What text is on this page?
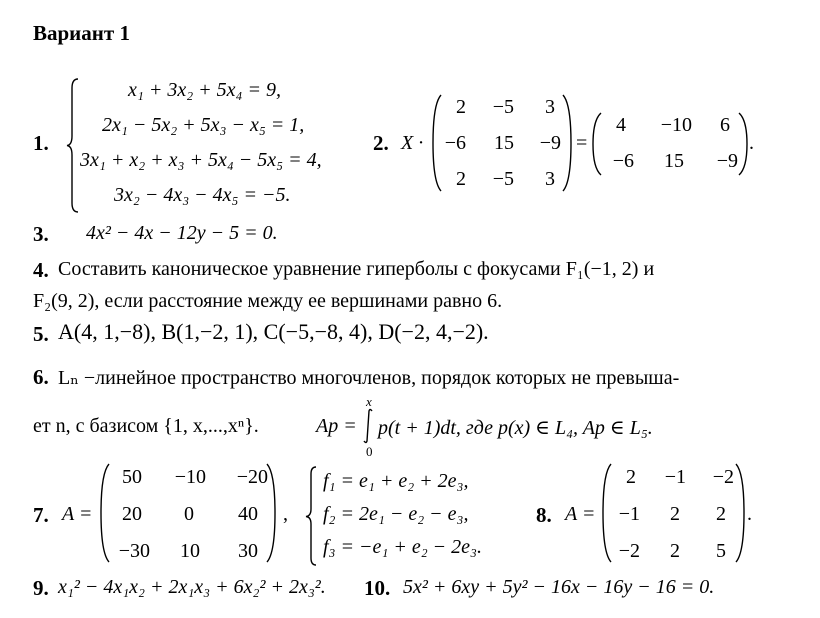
Вариант 1
1.
x₁ + 3x₂ + 5x₄ = 9,
2x₁ − 5x₂ + 5x₃ − x₅ = 1,
3x₁ + x₂ + x₃ + 5x₄ − 5x₅ = 4,
3x₂ − 4x₃ − 4x₅ = −5.
2. X ·
2	−5	3
−6	15	−9
2	−5	3
=
4	−10	6
−6	15	−9
.
3. 4x² − 4x − 12y − 5 = 0.
4. Составить каноническое уравнение гиперболы с фокусами F₁(−1, 2) и
F₂(9, 2), если расстояние между ее вершинами равно 6.
5. A(4, 1,−8), B(1,−2, 1), C(−5,−8, 4), D(−2, 4,−2).
6. Lₙ −линейное пространство многочленов, порядок которых не превыша-
ет n, с базисом {1, x,...,xⁿ}.	Ap =
x
0
p(t + 1)dt, где p(x) ∈ L₄, Ap ∈ L₅.
7. A =
50	−10	−20
20	0	40
−30	10	30
,
f₁ = e₁ + e₂ + 2e₃,
f₂ = 2e₁ − e₂ − e₃,
f₃ = −e₁ + e₂ − 2e₃.
8. A =
2	−1	−2
−1	2	2
−2	2	5
.
9. x₁² − 4x₁x₂ + 2x₁x₃ + 6x₂² + 2x₃². 10. 5x² + 6xy + 5y² − 16x − 16y − 16 = 0.
